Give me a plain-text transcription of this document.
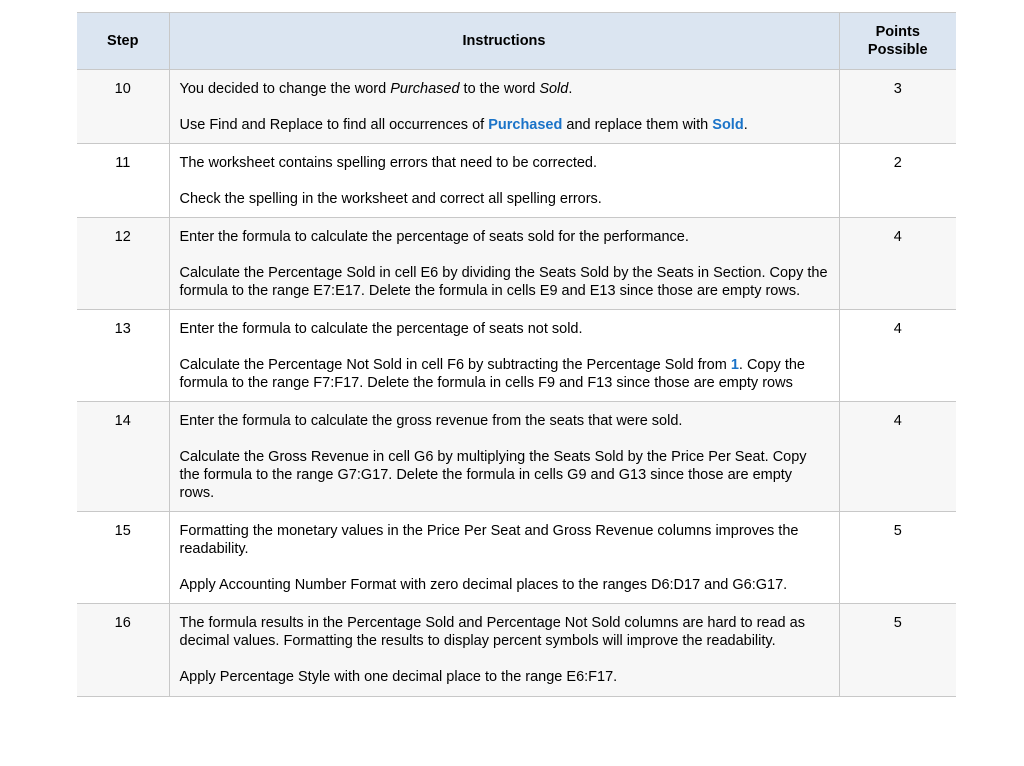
Step	Instructions	Points Possible
10	You decided to change the word Purchased to the word Sold.

Use Find and Replace to find all occurrences of Purchased and replace them with Sold.	3
11	The worksheet contains spelling errors that need to be corrected.

Check the spelling in the worksheet and correct all spelling errors.	2
12	Enter the formula to calculate the percentage of seats sold for the performance.

Calculate the Percentage Sold in cell E6 by dividing the Seats Sold by the Seats in Section. Copy the formula to the range E7:E17. Delete the formula in cells E9 and E13 since those are empty rows.	4
13	Enter the formula to calculate the percentage of seats not sold.

Calculate the Percentage Not Sold in cell F6 by subtracting the Percentage Sold from 1. Copy the formula to the range F7:F17. Delete the formula in cells F9 and F13 since those are empty rows	4
14	Enter the formula to calculate the gross revenue from the seats that were sold.

Calculate the Gross Revenue in cell G6 by multiplying the Seats Sold by the Price Per Seat. Copy the formula to the range G7:G17. Delete the formula in cells G9 and G13 since those are empty rows.	4
15	Formatting the monetary values in the Price Per Seat and Gross Revenue columns improves the readability.

Apply Accounting Number Format with zero decimal places to the ranges D6:D17 and G6:G17.	5
16	The formula results in the Percentage Sold and Percentage Not Sold columns are hard to read as decimal values. Formatting the results to display percent symbols will improve the readability.

Apply Percentage Style with one decimal place to the range E6:F17.	5
